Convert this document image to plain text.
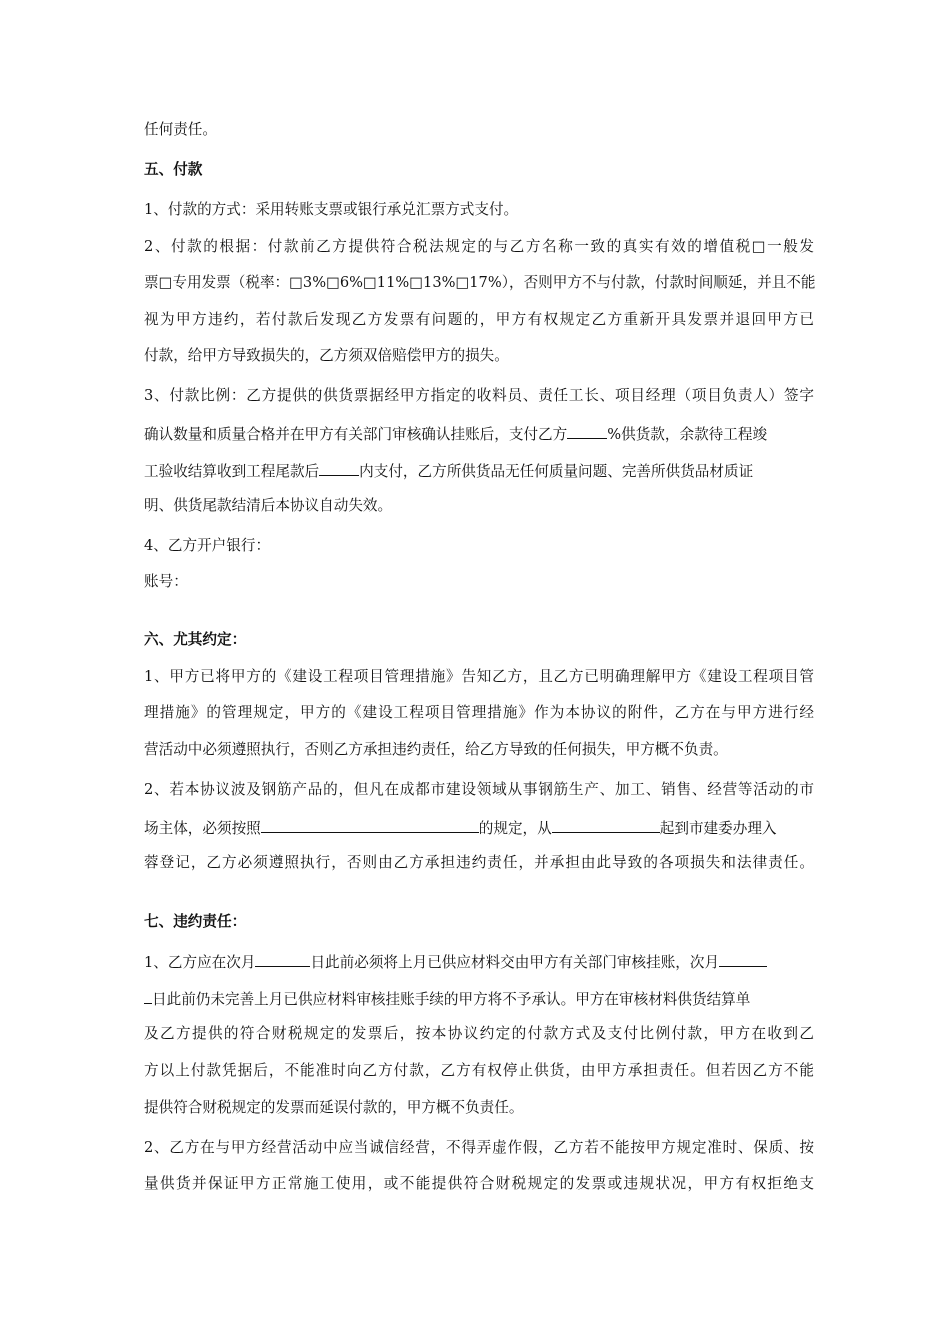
任何责任。
五、付款
1、付款的方式：采用转账支票或银行承兑汇票方式支付。
2、付款的根据：付款前乙方提供符合税法规定的与乙方名称一致的真实有效的增值税□一般发
票□专用发票（税率：□3%□6%□11%□13%□17%），否则甲方不与付款，付款时间顺延，并且不能
视为甲方违约，若付款后发现乙方发票有问题的，甲方有权规定乙方重新开具发票并退回甲方已
付款，给甲方导致损失的，乙方须双倍赔偿甲方的损失。
3、付款比例：乙方提供的供货票据经甲方指定的收料员、责任工长、项目经理（项目负责人）签字
确认数量和质量合格并在甲方有关部门审核确认挂账后，支付乙方	%供货款，余款待工程竣
工验收结算收到工程尾款后	内支付，乙方所供货品无任何质量问题、完善所供货品材质证
明、供货尾款结清后本协议自动失效。
4、乙方开户银行：
账号：
六、尤其约定：
1、甲方已将甲方的《建设工程项目管理措施》告知乙方，且乙方已明确理解甲方《建设工程项目管
理措施》的管理规定，甲方的《建设工程项目管理措施》作为本协议的附件，乙方在与甲方进行经
营活动中必须遵照执行，否则乙方承担违约责任，给乙方导致的任何损失，甲方概不负责。
2、若本协议波及钢筋产品的，但凡在成都市建设领域从事钢筋生产、加工、销售、经营等活动的市
场主体，必须按照	的规定，从	起到市建委办理入
蓉登记，乙方必须遵照执行，否则由乙方承担违约责任，并承担由此导致的各项损失和法律责任。
七、违约责任：
1、乙方应在次月	日此前必须将上月已供应材料交由甲方有关部门审核挂账，次月
日此前仍未完善上月已供应材料审核挂账手续的甲方将不予承认。甲方在审核材料供货结算单
及乙方提供的符合财税规定的发票后，按本协议约定的付款方式及支付比例付款，甲方在收到乙
方以上付款凭据后，不能准时向乙方付款，乙方有权停止供货，由甲方承担责任。但若因乙方不能
提供符合财税规定的发票而延误付款的，甲方概不负责任。
2、乙方在与甲方经营活动中应当诚信经营，不得弄虚作假，乙方若不能按甲方规定准时、保质、按
量供货并保证甲方正常施工使用，或不能提供符合财税规定的发票或违规状况，甲方有权拒绝支
